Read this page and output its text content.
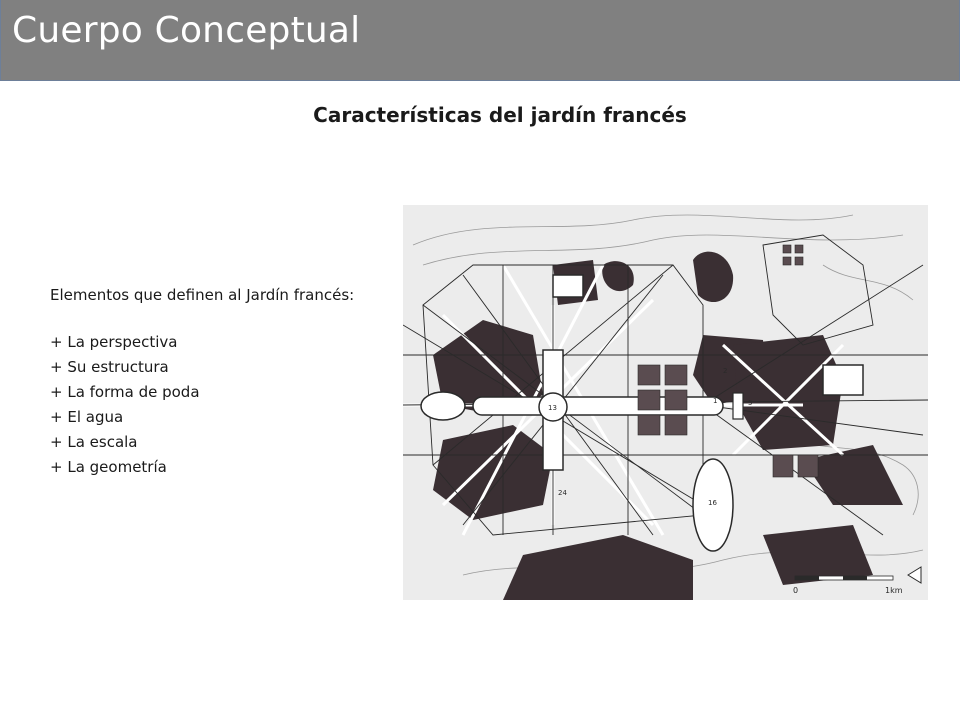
Cuerpo Conceptual
Características del jardín francés

Elementos que definen al Jardín francés:

+ La perspectiva
+ Su estructura
+ La forma de poda
+ El agua
+ La escala
+ La geometría
13
16
24
5
1
2
0	1km
